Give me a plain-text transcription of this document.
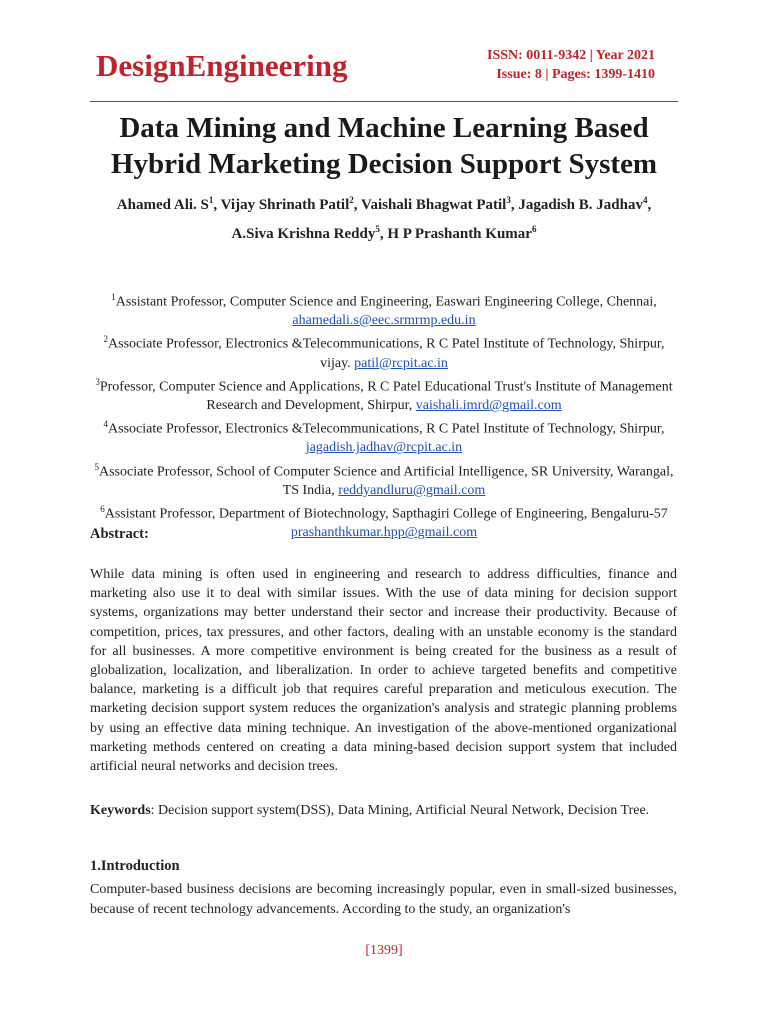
DesignEngineering	ISSN: 0011-9342 | Year 2021
Issue: 8 | Pages: 1399-1410
Data Mining and Machine Learning Based
Hybrid Marketing Decision Support System
Ahamed Ali. $S^1$, Vijay Shrinath Patil$^2$, Vaishali Bhagwat Patil$^3$, Jagadish B. Jadhav$^4$, A.Siva Krishna Reddy$^5$, H P Prashanth Kumar$^6$
$^1$Assistant Professor, Computer Science and Engineering, Easwari Engineering College, Chennai, ahamedali.s@eec.srmrmp.edu.in
$^2$Associate Professor, Electronics &Telecommunications, R C Patel Institute of Technology, Shirpur, vijay. patil@rcpit.ac.in
$^3$Professor, Computer Science and Applications, R C Patel Educational Trust's Institute of Management Research and Development, Shirpur, vaishali.imrd@gmail.com
$^4$Associate Professor, Electronics &Telecommunications, R C Patel Institute of Technology, Shirpur, jagadish.jadhav@rcpit.ac.in
$^5$Associate Professor, School of Computer Science and Artificial Intelligence, SR University, Warangal, TS India, reddyandluru@gmail.com
$^6$Assistant Professor, Department of Biotechnology, Sapthagiri College of Engineering, Bengaluru-57 prashanthkumar.hpp@gmail.com
Abstract:
While data mining is often used in engineering and research to address difficulties, finance and marketing also use it to deal with similar issues. With the use of data mining for decision support systems, organizations may better understand their sector and increase their productivity. Because of competition, prices, tax pressures, and other factors, dealing with an unstable economy is the standard for all businesses. A more competitive environment is being created for the business as a result of globalization, localization, and liberalization. In order to achieve targeted benefits and competitive balance, marketing is a difficult job that requires careful preparation and meticulous execution. The marketing decision support system reduces the organization's analysis and strategic planning problems by using an effective data mining technique. An investigation of the above-mentioned organizational marketing methods centered on creating a data mining-based decision support system that included artificial neural networks and decision trees.
Keywords: Decision support system(DSS), Data Mining, Artificial Neural Network, Decision Tree.
1.Introduction
Computer-based business decisions are becoming increasingly popular, even in small-sized businesses, because of recent technology advancements. According to the study, an organization's
[1399]
